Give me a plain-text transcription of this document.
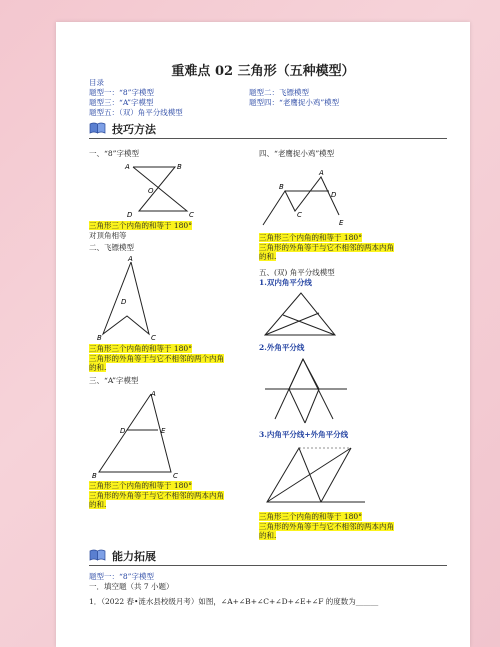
重难点 02 三角形（五种模型）
目录
题型一：“8”字模型	题型二：飞镖模型
题型三：“A”字模型	题型四：“老鹰捉小鸡”模型
题型五：（双）角平分线模型
技巧方法
一、“8”字模型
A	B
O
D	C
三角形三个内角的和等于 180°
对顶角相等
二、飞镖模型
A
D
B	C
三角形三个内角的和等于 180°
三角形的外角等于与它不相邻的两个内角
的和.
三、“A”字模型
A
D	E
B	C
三角形三个内角的和等于 180°
三角形的外角等于与它不相邻的两本内角
的和.
四、“老鹰捉小鸡”模型
A
B
C
D
E
三角形三个内角的和等于 180°
三角形的外角等于与它不相邻的两本内角
的和.
五、(双) 角平分线模型
1.双内角平分线
2.外角平分线
3.内角平分线+外角平分线
三角形三个内角的和等于 180°
三角形的外角等于与它不相邻的两本内角
的和.
能力拓展
题型一：“8”字模型
一．填空题（共 7 小题）
1．（2022 春•涟水县校级月考）如图，∠A+∠B+∠C+∠D+∠E+∠F 的度数为______
